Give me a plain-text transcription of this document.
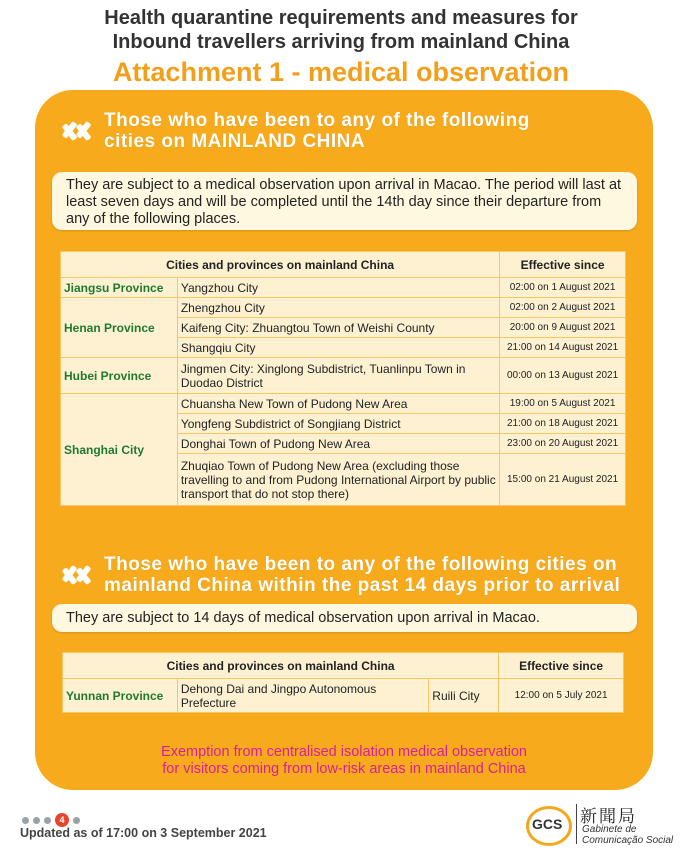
Health quarantine requirements and measures for
Inbound travellers arriving from mainland China
Attachment 1 - medical observation
Those who have been to any of the following
cities on MAINLAND CHINA
They are subject to a medical observation upon arrival in Macao. The period will last at least seven days and will be completed until the 14th day since their departure from any of the following places.
Cities and provinces on mainland China		Effective since
Jiangsu Province	Yangzhou City	02:00 on 1 August 2021
Henan Province	Zhengzhou City	02:00 on 2 August 2021
	Kaifeng City: Zhuangtou Town of Weishi County	20:00 on 9 August 2021
	Shangqiu City	21:00 on 14 August 2021
Hubei Province	Jingmen City: Xinglong Subdistrict, Tuanlinpu Town in Duodao District	00:00 on 13 August 2021
Shanghai City	Chuansha New Town of Pudong New Area	19:00 on 5 August 2021
	Yongfeng Subdistrict of Songjiang District	21:00 on 18 August 2021
	Donghai Town of Pudong New Area	23:00 on 20 August 2021
	Zhuqiao Town of Pudong New Area (excluding those travelling to and from Pudong International Airport by public transport that do not stop there)	15:00 on 21 August 2021
Those who have been to any of the following cities on
mainland China within the past 14 days prior to arrival
They are subject to 14 days of medical observation upon arrival in Macao.
Cities and provinces on mainland China			Effective since
Yunnan Province	Dehong Dai and Jingpo Autonomous Prefecture	Ruili City	12:00 on 5 July 2021
Exemption from centralised isolation medical observation
for visitors coming from low-risk areas in mainland China
4
Updated as of 17:00 on 3 September 2021
GCS 新聞局
Gabinete de
Comunicação Social
